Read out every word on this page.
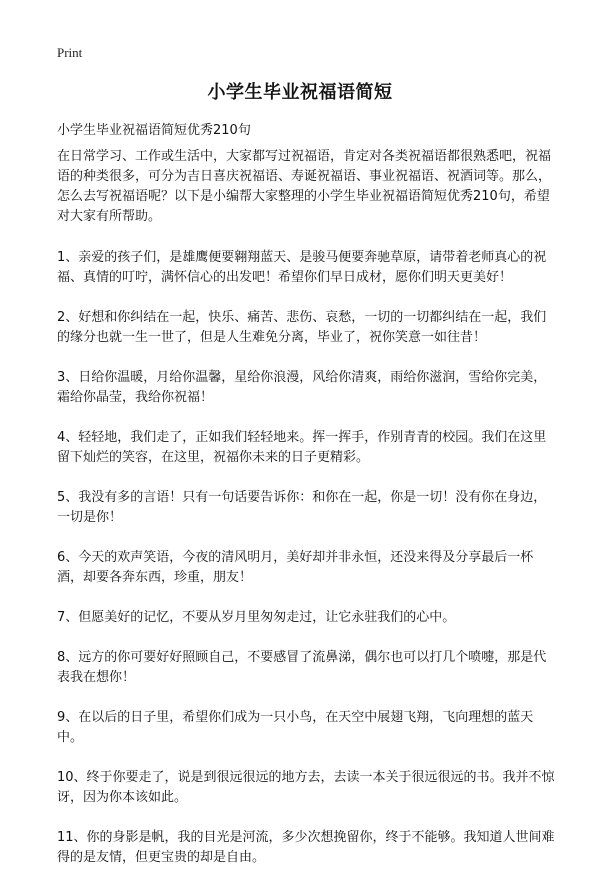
Print
小学生毕业祝福语简短

小学生毕业祝福语简短优秀210句

在日常学习、工作或生活中，大家都写过祝福语，肯定对各类祝福语都很熟悉吧，祝福语的种类很多，可分为吉日喜庆祝福语、寿诞祝福语、事业祝福语、祝酒词等。那么，怎么去写祝福语呢？以下是小编帮大家整理的小学生毕业祝福语简短优秀210句，希望对大家有所帮助。

1、亲爱的孩子们，是雄鹰便要翱翔蓝天、是骏马便要奔驰草原，请带着老师真心的祝福、真情的叮咛，满怀信心的出发吧！希望你们早日成材，愿你们明天更美好！

2、好想和你纠结在一起，快乐、痛苦、悲伤、哀愁，一切的一切都纠结在一起，我们的缘分也就一生一世了，但是人生难免分离，毕业了，祝你笑意一如往昔！

3、日给你温暖，月给你温馨，星给你浪漫，风给你清爽，雨给你滋润，雪给你完美，霜给你晶莹，我给你祝福！

4、轻轻地，我们走了，正如我们轻轻地来。挥一挥手，作别青青的校园。我们在这里留下灿烂的笑容，在这里，祝福你未来的日子更精彩。

5、我没有多的言语！只有一句话要告诉你：和你在一起，你是一切！没有你在身边，一切是你！

6、今天的欢声笑语，今夜的清风明月，美好却并非永恒，还没来得及分享最后一杯酒，却要各奔东西，珍重，朋友！

7、但愿美好的记忆，不要从岁月里匆匆走过，让它永驻我们的心中。

8、远方的你可要好好照顾自己，不要感冒了流鼻涕，偶尔也可以打几个喷嚏，那是代表我在想你！

9、在以后的日子里，希望你们成为一只小鸟，在天空中展翅飞翔，飞向理想的蓝天中。

10、终于你要走了，说是到很远很远的地方去，去读一本关于很远很远的书。我并不惊讶，因为你本该如此。

11、你的身影是帆，我的目光是河流，多少次想挽留你，终于不能够。我知道人世间难得的是友情，但更宝贵的却是自由。
